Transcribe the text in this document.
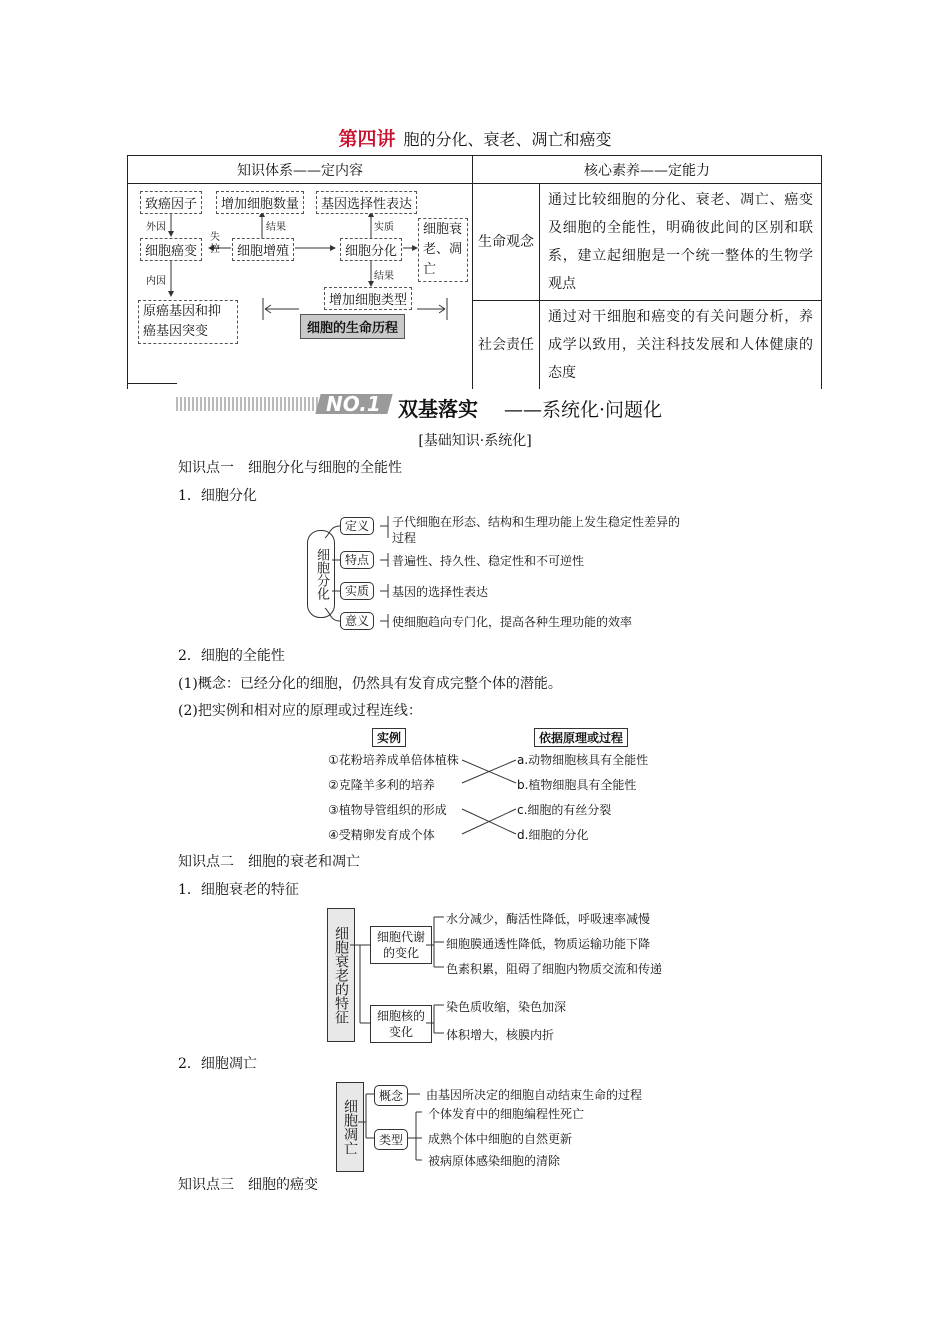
第四讲 胞的分化、衰老、凋亡和癌变
知识体系——定内容	核心素养——定能力	
	生命观念	通过比较细胞的分化、衰老、凋亡、癌变及细胞的全能性，明确彼此间的区别和联系，建立起细胞是一个统一整体的生物学观点
	社会责任	通过对干细胞和癌变的有关问题分析，养成学以致用，关注科技发展和人体健康的态度
致癌因子	增加细胞数量	基因选择性表达
外因
细胞癌变
失控	细胞增殖
结果	实质
细胞分化
细胞衰老、凋亡
结果
内因
增加细胞类型
原癌基因和抑癌基因突变	细胞的生命历程
NO.1 双基落实 ——系统化·问题化
[基础知识·系统化]
知识点一　细胞分化与细胞的全能性
1．细胞分化
细胞分化
定义	子代细胞在形态、结构和生理功能上发生稳定性差异的过程
特点	普遍性、持久性、稳定性和不可逆性
实质	基因的选择性表达
意义	使细胞趋向专门化，提高各种生理功能的效率
2．细胞的全能性
(1)概念：已经分化的细胞，仍然具有发育成完整个体的潜能。
(2)把实例和相对应的原理或过程连线：
实例	依据原理或过程
①花粉培养成单倍体植株
②克隆羊多利的培养
③植物导管组织的形成
④受精卵发育成个体
a.动物细胞核具有全能性
b.植物细胞具有全能性
c.细胞的有丝分裂
d.细胞的分化
知识点二　细胞的衰老和凋亡
1．细胞衰老的特征
细胞衰老的特征	细胞代谢的变化
细胞核的变化
水分减少，酶活性降低，呼吸速率减慢
细胞膜通透性降低，物质运输功能下降
色素积累，阻碍了细胞内物质交流和传递
染色质收缩，染色加深
体积增大，核膜内折
2．细胞凋亡
细胞凋亡
概念	由基因所决定的细胞自动结束生命的过程
类型
个体发育中的细胞编程性死亡
成熟个体中细胞的自然更新
被病原体感染细胞的清除
知识点三　细胞的癌变
